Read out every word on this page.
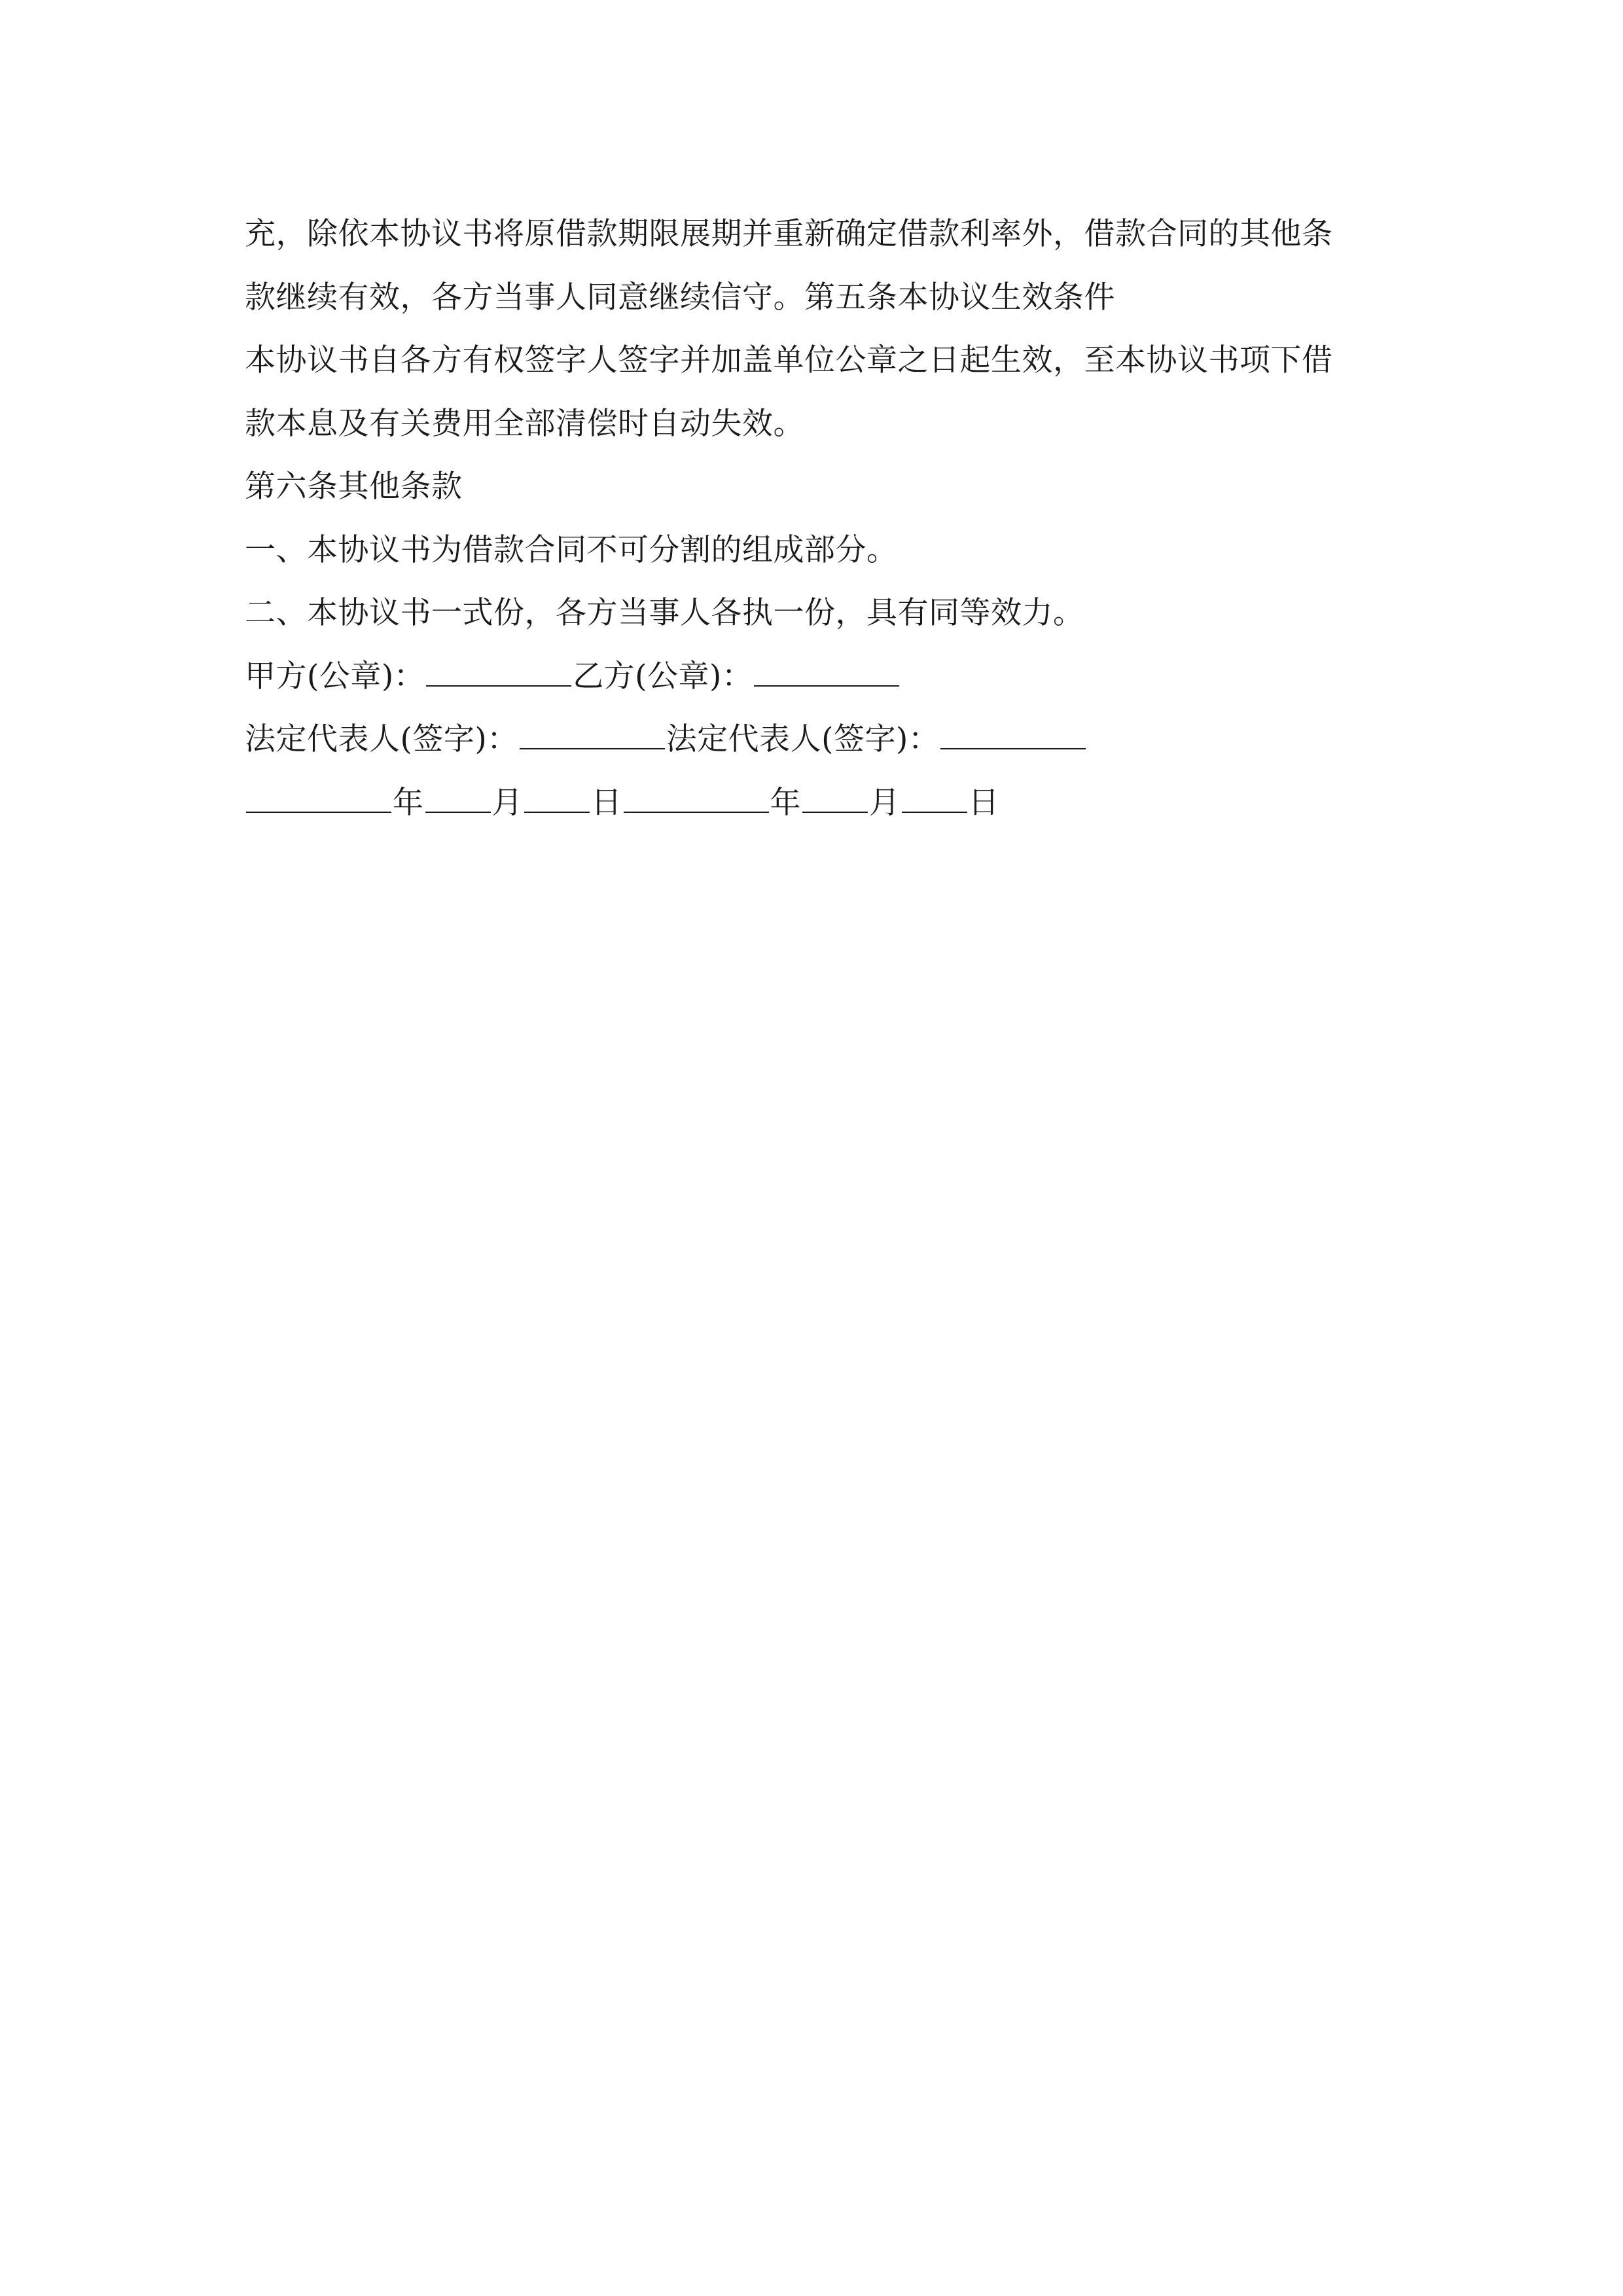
充，除依本协议书将原借款期限展期并重新确定借款利率外，借款合同的其他条
款继续有效，各方当事人同意继续信守。第五条本协议生效条件
本协议书自各方有权签字人签字并加盖单位公章之日起生效，至本协议书项下借
款本息及有关费用全部清偿时自动失效。
第六条其他条款
一、本协议书为借款合同不可分割的组成部分。
二、本协议书一式份，各方当事人各执一份，具有同等效力。
甲方(公章)：	乙方(公章)：
法定代表人(签字)：	法定代表人(签字)：
年 月 日	年 月 日
